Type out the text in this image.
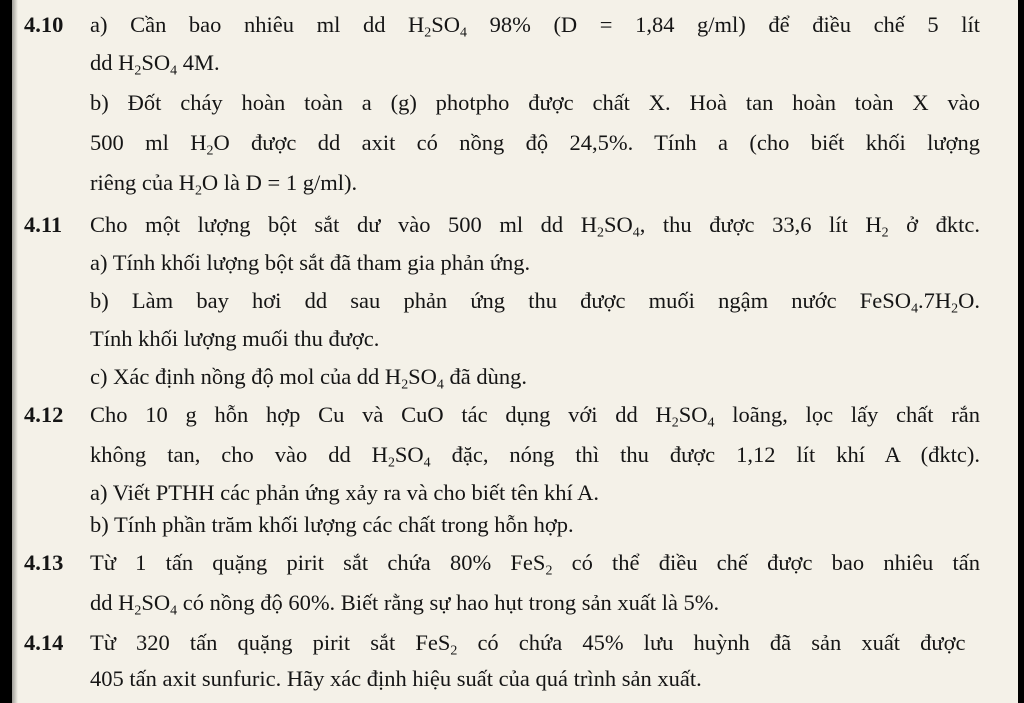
4.10 a) Cần bao nhiêu ml dd $H_2SO_4$ 98% (D = 1,84 g/ml) để điều chế 5 lít
dd $H_2SO_4$ 4M.
b) Đốt cháy hoàn toàn a (g) photpho được chất X. Hoà tan hoàn toàn X vào
500 ml $H_2O$ được dd axit có nồng độ 24,5%. Tính a (cho biết khối lượng
riêng của $H_2O$ là D = 1 g/ml).
4.11 Cho một lượng bột sắt dư vào 500 ml dd $H_2SO_4$, thu được 33,6 lít $H_2$ ở đktc.
a) Tính khối lượng bột sắt đã tham gia phản ứng.
b) Làm bay hơi dd sau phản ứng thu được muối ngậm nước $FeSO_4.7H_2O$.
Tính khối lượng muối thu được.
c) Xác định nồng độ mol của dd $H_2SO_4$ đã dùng.
4.12 Cho 10 g hỗn hợp Cu và CuO tác dụng với dd $H_2SO_4$ loãng, lọc lấy chất rắn
không tan, cho vào dd $H_2SO_4$ đặc, nóng thì thu được 1,12 lít khí A (đktc).
a) Viết PTHH các phản ứng xảy ra và cho biết tên khí A.
b) Tính phần trăm khối lượng các chất trong hỗn hợp.
4.13 Từ 1 tấn quặng pirit sắt chứa 80% FeS$_2$ có thể điều chế được bao nhiêu tấn
dd $H_2SO_4$ có nồng độ 60%. Biết rằng sự hao hụt trong sản xuất là 5%.
4.14 Từ 320 tấn quặng pirit sắt FeS$_2$ có chứa 45% lưu huỳnh đã sản xuất được
405 tấn axit sunfuric. Hãy xác định hiệu suất của quá trình sản xuất.
